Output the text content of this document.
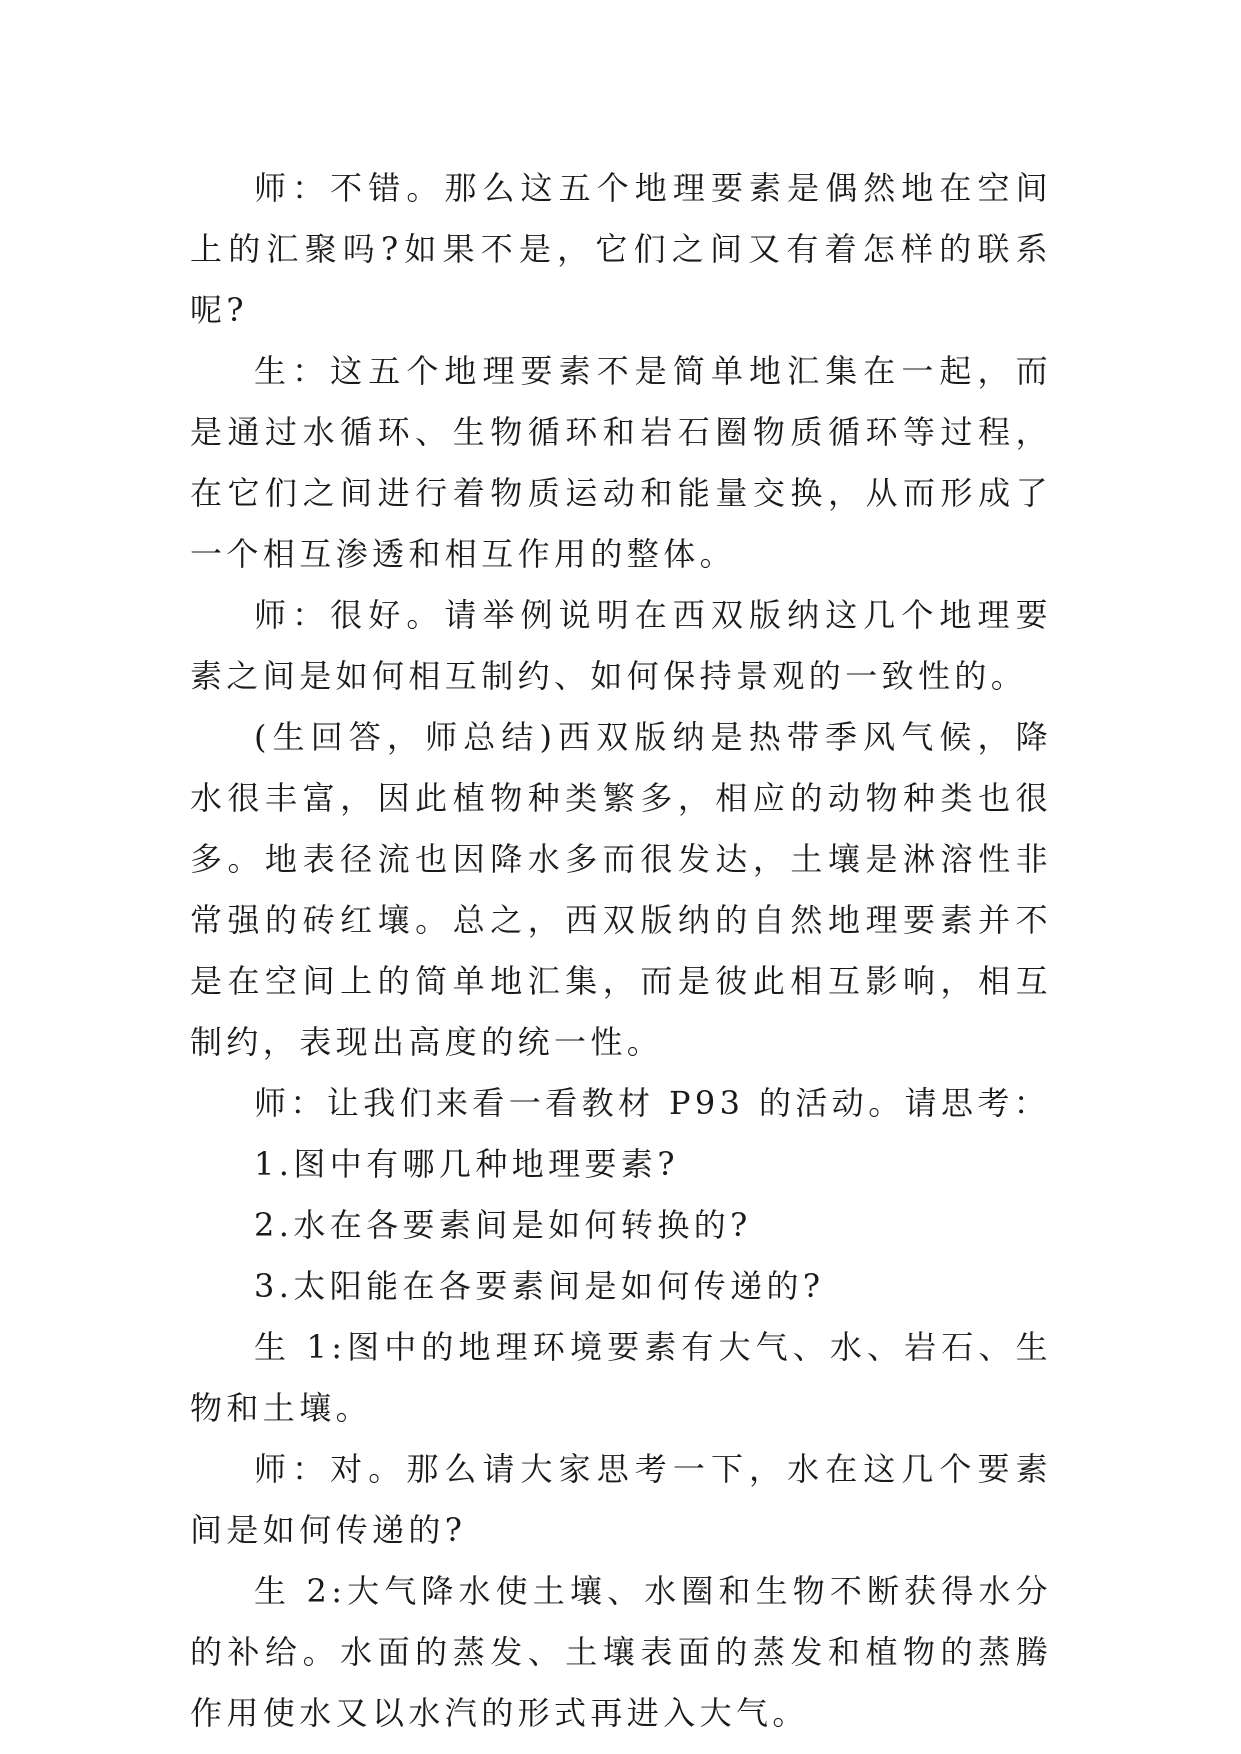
师：不错。那么这五个地理要素是偶然地在空间上的汇聚吗?如果不是，它们之间又有着怎样的联系呢?

生：这五个地理要素不是简单地汇集在一起，而是通过水循环、生物循环和岩石圈物质循环等过程，在它们之间进行着物质运动和能量交换，从而形成了一个相互渗透和相互作用的整体。

师：很好。请举例说明在西双版纳这几个地理要素之间是如何相互制约、如何保持景观的一致性的。

(生回答，师总结)西双版纳是热带季风气候，降水很丰富，因此植物种类繁多，相应的动物种类也很多。地表径流也因降水多而很发达，土壤是淋溶性非常强的砖红壤。总之，西双版纳的自然地理要素并不是在空间上的简单地汇集，而是彼此相互影响，相互制约，表现出高度的统一性。

师：让我们来看一看教材 P93 的活动。请思考：

1.图中有哪几种地理要素?

2.水在各要素间是如何转换的?

3.太阳能在各要素间是如何传递的?

生 1:图中的地理环境要素有大气、水、岩石、生物和土壤。

师：对。那么请大家思考一下，水在这几个要素间是如何传递的?

生 2:大气降水使土壤、水圈和生物不断获得水分的补给。水面的蒸发、土壤表面的蒸发和植物的蒸腾作用使水又以水汽的形式再进入大气。
